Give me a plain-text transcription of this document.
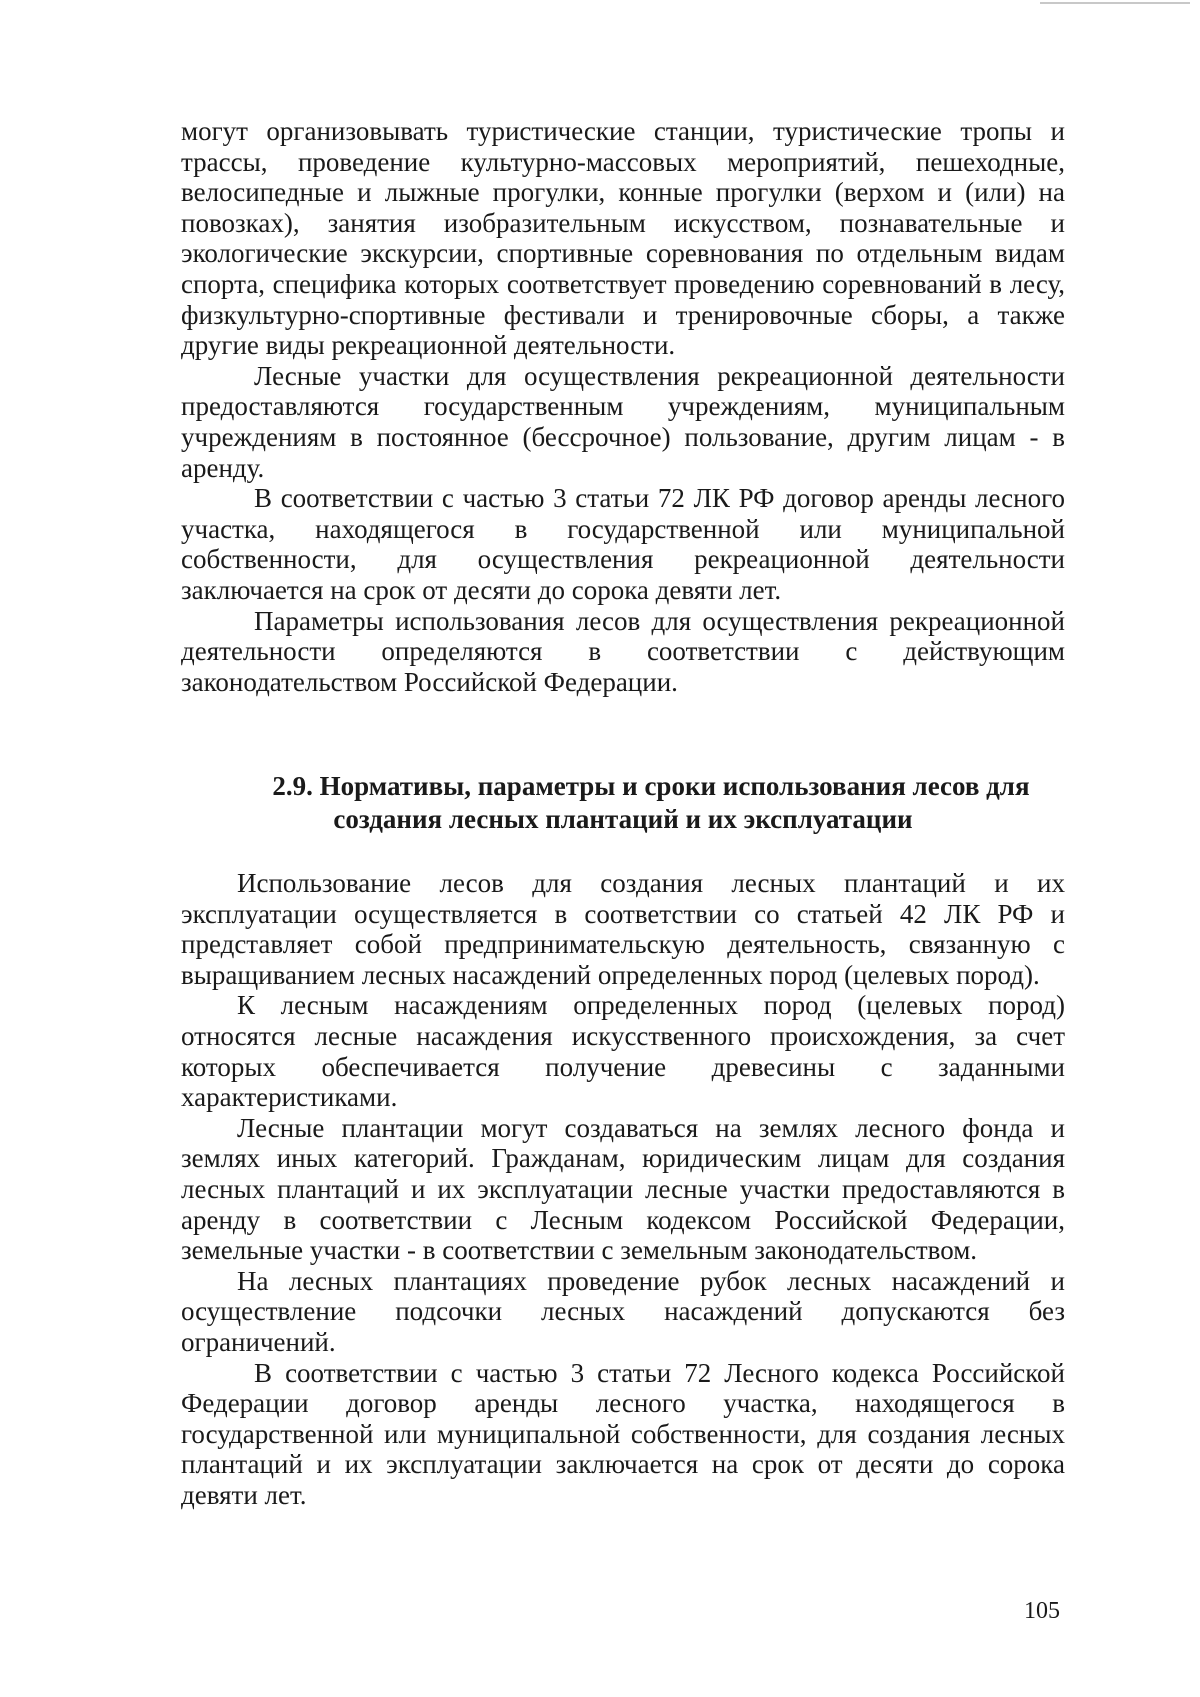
могут организовывать туристические станции, туристические тропы и трассы, проведение культурно-массовых мероприятий, пешеходные, велосипедные и лыжные прогулки, конные прогулки (верхом и (или) на повозках), занятия изобразительным искусством, познавательные и экологические экскурсии, спортивные соревнования по отдельным видам спорта, специфика которых соответствует проведению соревнований в лесу, физкультурно-спортивные фестивали и тренировочные сборы, а также другие виды рекреационной деятельности.

Лесные участки для осуществления рекреационной деятельности предоставляются государственным учреждениям, муниципальным учреждениям в постоянное (бессрочное) пользование, другим лицам - в аренду.

В соответствии с частью 3 статьи 72 ЛК РФ договор аренды лесного участка, находящегося в государственной или муниципальной собственности, для осуществления рекреационной деятельности заключается на срок от десяти до сорока девяти лет.

Параметры использования лесов для осуществления рекреационной деятельности определяются в соответствии с действующим законодательством Российской Федерации.

2.9. Нормативы, параметры и сроки использования лесов для
создания лесных плантаций и их эксплуатации

Использование лесов для создания лесных плантаций и их эксплуатации осуществляется в соответствии со статьей 42 ЛК РФ и представляет собой предпринимательскую деятельность, связанную с выращиванием лесных насаждений определенных пород (целевых пород).

К лесным насаждениям определенных пород (целевых пород) относятся лесные насаждения искусственного происхождения, за счет которых обеспечивается получение древесины с заданными характеристиками.

Лесные плантации могут создаваться на землях лесного фонда и землях иных категорий. Гражданам, юридическим лицам для создания лесных плантаций и их эксплуатации лесные участки предоставляются в аренду в соответствии с Лесным кодексом Российской Федерации, земельные участки - в соответствии с земельным законодательством.

На лесных плантациях проведение рубок лесных насаждений и осуществление подсочки лесных насаждений допускаются без ограничений.

В соответствии с частью 3 статьи 72 Лесного кодекса Российской Федерации договор аренды лесного участка, находящегося в государственной или муниципальной собственности, для создания лесных плантаций и их эксплуатации заключается на срок от десяти до сорока девяти лет.

105
